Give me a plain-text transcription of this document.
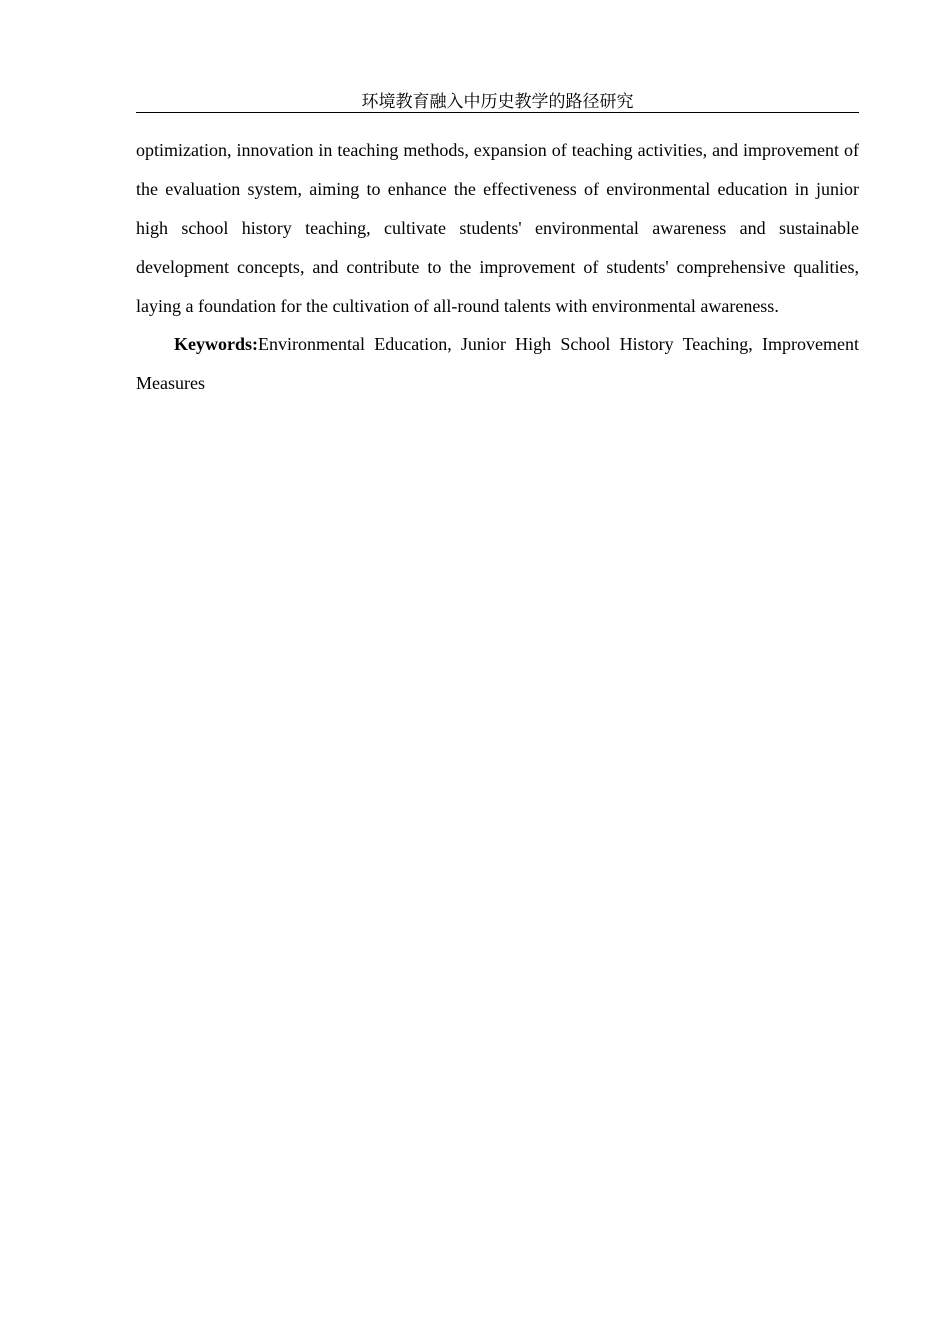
环境教育融入中历史教学的路径研究

optimization, innovation in teaching methods, expansion of teaching activities, and improvement of the evaluation system, aiming to enhance the effectiveness of environmental education in junior high school history teaching, cultivate students' environmental awareness and sustainable development concepts, and contribute to the improvement of students' comprehensive qualities, laying a foundation for the cultivation of all-round talents with environmental awareness.

Keywords:Environmental Education, Junior High School History Teaching, Improvement Measures
